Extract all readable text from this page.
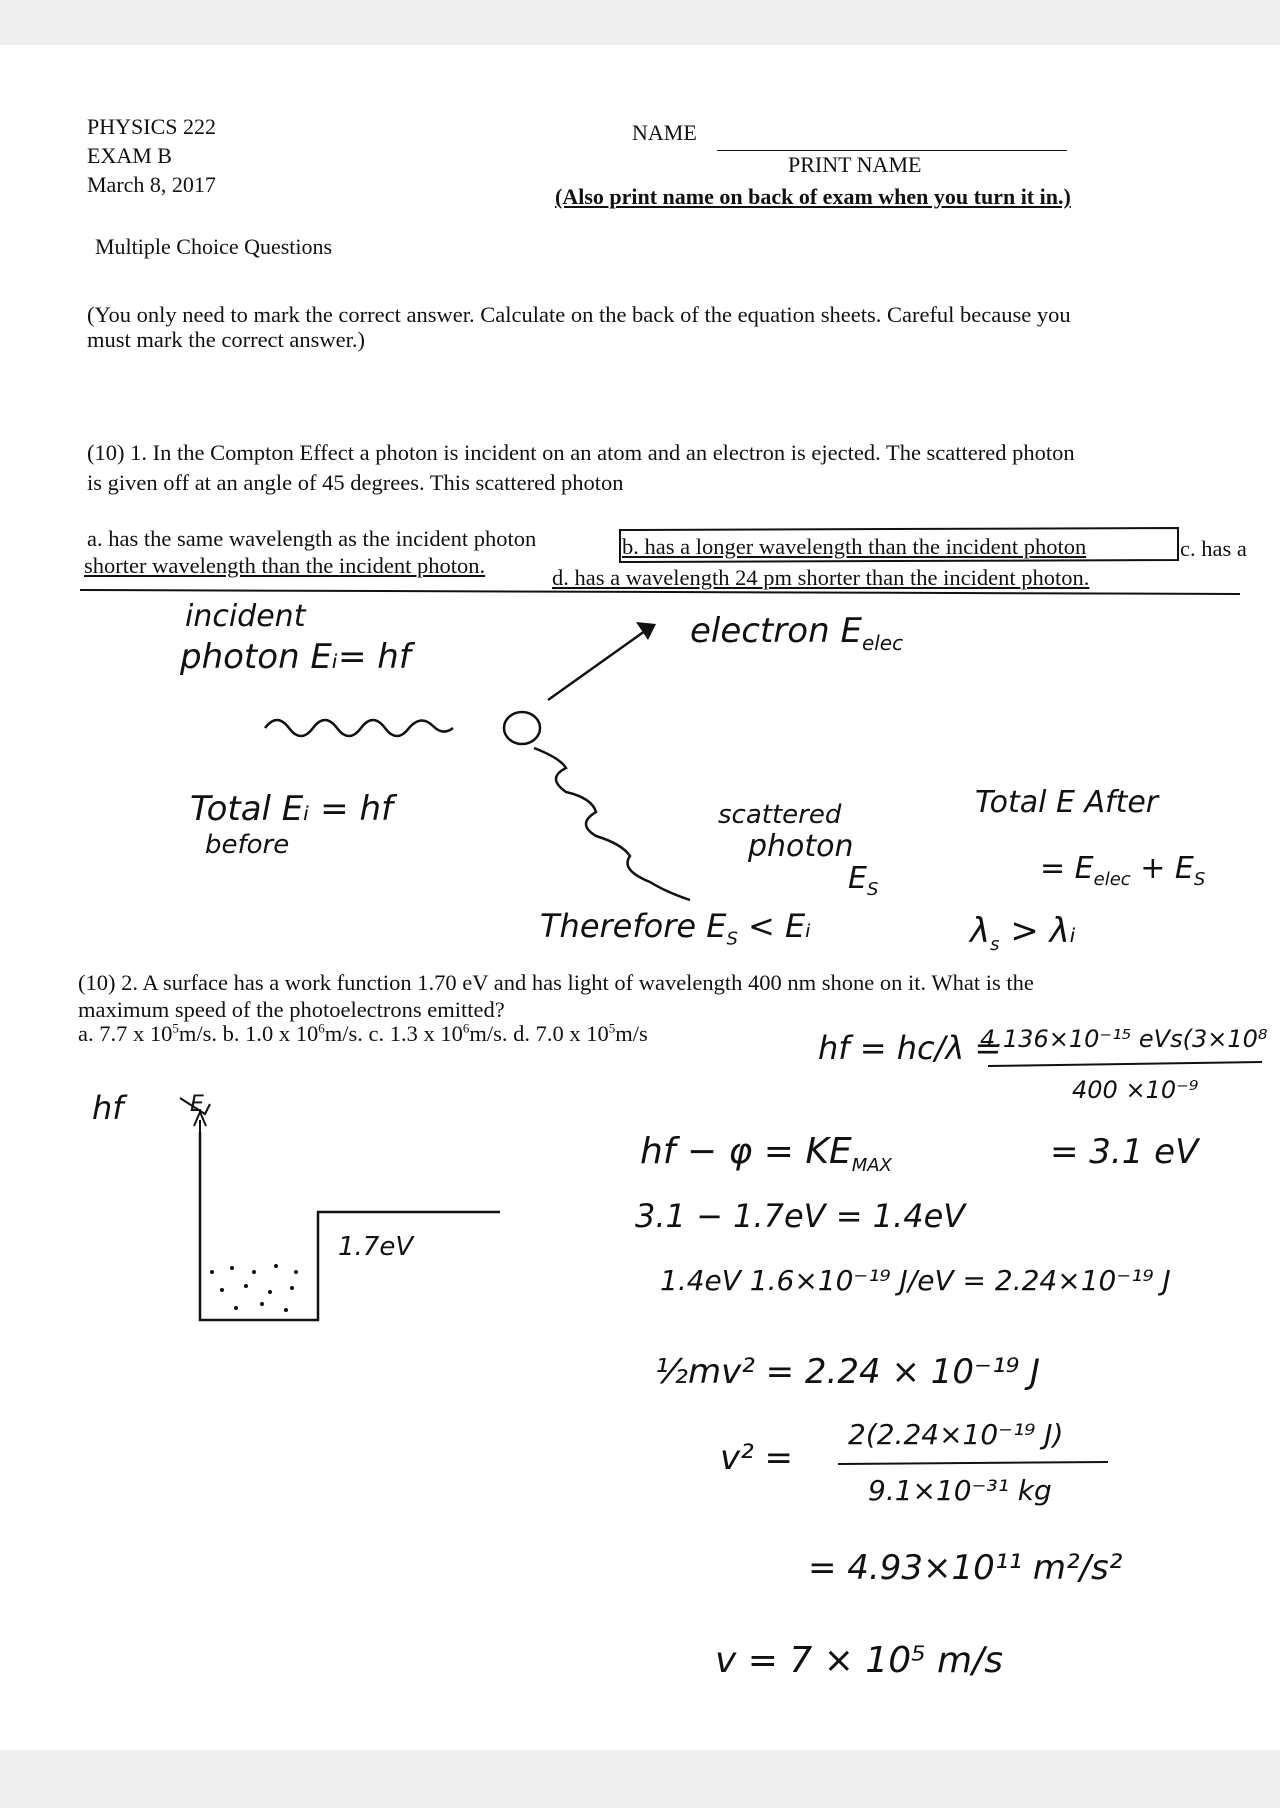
PHYSICS 222
EXAM B
March 8, 2017
NAME
PRINT NAME
(Also print name on back of exam when you turn it in.)
Multiple Choice Questions
(You only need to mark the correct answer. Calculate on the back of the equation sheets. Careful because you
must mark the correct answer.)
(10) 1. In the Compton Effect a photon is incident on an atom and an electron is ejected. The scattered photon
is given off at an angle of 45 degrees. This scattered photon
a. has the same wavelength as the incident photon	b. has a longer wavelength than the incident photon	c. has a
shorter wavelength than the incident photon.	d. has a wavelength 24 pm shorter than the incident photon.
incident
photon Eᵢ= hf
electron $E_{elec}$
Total Eᵢ = hf
before
scattered
photon
$E_S$
Total E After
= $E_{elec} + E_S$
Therefore $E_S$ < Eᵢ	$\lambda_s$ > λᵢ
(10) 2. A surface has a work function 1.70 eV and has light of wavelength 400 nm shone on it. What is the
maximum speed of the photoelectrons emitted?
a. 7.7 x $10^5m/s$. b. 1.0 x $10^6m/s$. c. 1.3 x $10^6m/s$. d. 7.0 x $10^5m/s$	hf = hc/λ =
4.136×10⁻¹⁵ eVs(3×10⁸
400 ×10⁻⁹
hf − $\varphi = KE_{MAX}$	= 3.1 eV
3.1 − 1.7eV = 1.4eV
1.4eV 1.6×10⁻¹⁹ J/eV = 2.24×10⁻¹⁹ J
½mv² = 2.24 × 10⁻¹⁹ J
v² =
2(2.24×10⁻¹⁹ J)
9.1×10⁻³¹ kg
= 4.93×10¹¹ m²/s²
v = 7 × 10⁵ m/s
hf	E
1.7eV
